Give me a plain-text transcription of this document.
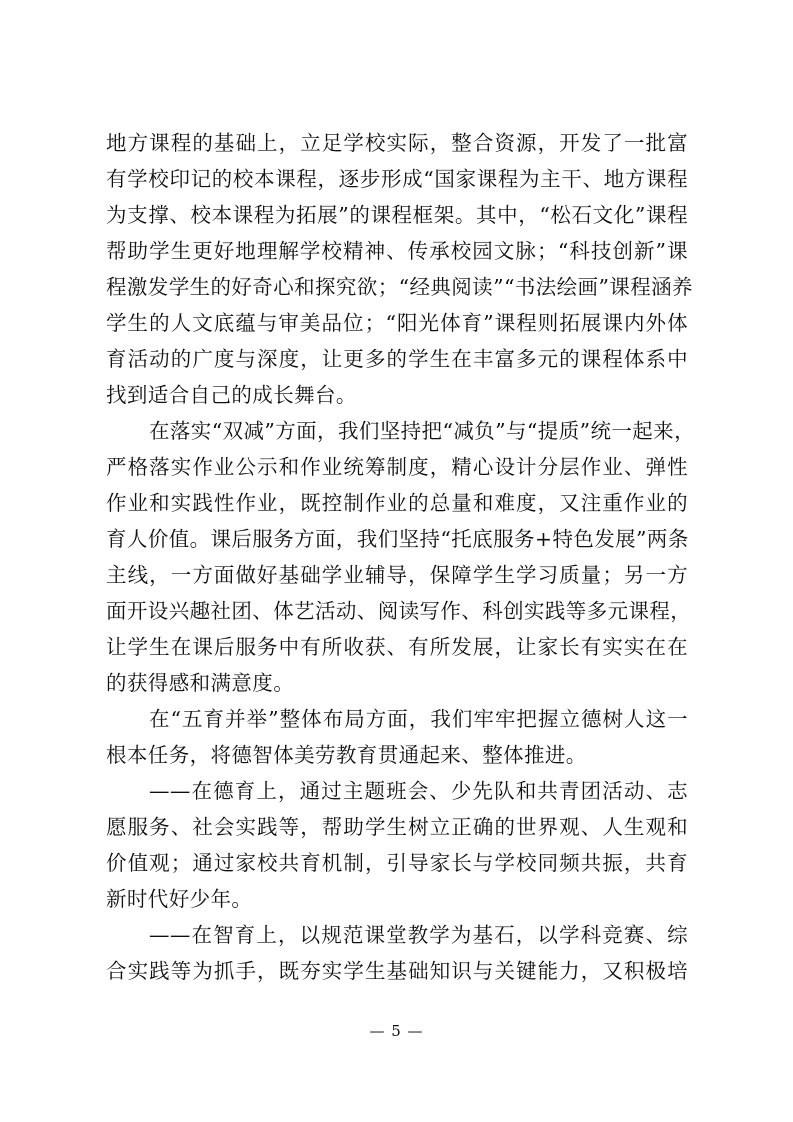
地方课程的基础上，立足学校实际，整合资源，开发了一批富
有学校印记的校本课程，逐步形成“国家课程为主干、地方课程
为支撑、校本课程为拓展”的课程框架。其中，“松石文化”课程
帮助学生更好地理解学校精神、传承校园文脉；“科技创新”课
程激发学生的好奇心和探究欲；“经典阅读”“书法绘画”课程涵养
学生的人文底蕴与审美品位；“阳光体育”课程则拓展课内外体
育活动的广度与深度，让更多的学生在丰富多元的课程体系中
找到适合自己的成长舞台。
在落实“双减”方面，我们坚持把“减负”与“提质”统一起来，
严格落实作业公示和作业统筹制度，精心设计分层作业、弹性
作业和实践性作业，既控制作业的总量和难度，又注重作业的
育人价值。课后服务方面，我们坚持“托底服务+特色发展”两条
主线，一方面做好基础学业辅导，保障学生学习质量；另一方
面开设兴趣社团、体艺活动、阅读写作、科创实践等多元课程，
让学生在课后服务中有所收获、有所发展，让家长有实实在在
的获得感和满意度。
在“五育并举”整体布局方面，我们牢牢把握立德树人这一
根本任务，将德智体美劳教育贯通起来、整体推进。
——在德育上，通过主题班会、少先队和共青团活动、志
愿服务、社会实践等，帮助学生树立正确的世界观、人生观和
价值观；通过家校共育机制，引导家长与学校同频共振，共育
新时代好少年。
——在智育上，以规范课堂教学为基石，以学科竞赛、综
合实践等为抓手，既夯实学生基础知识与关键能力，又积极培
— 5 —
